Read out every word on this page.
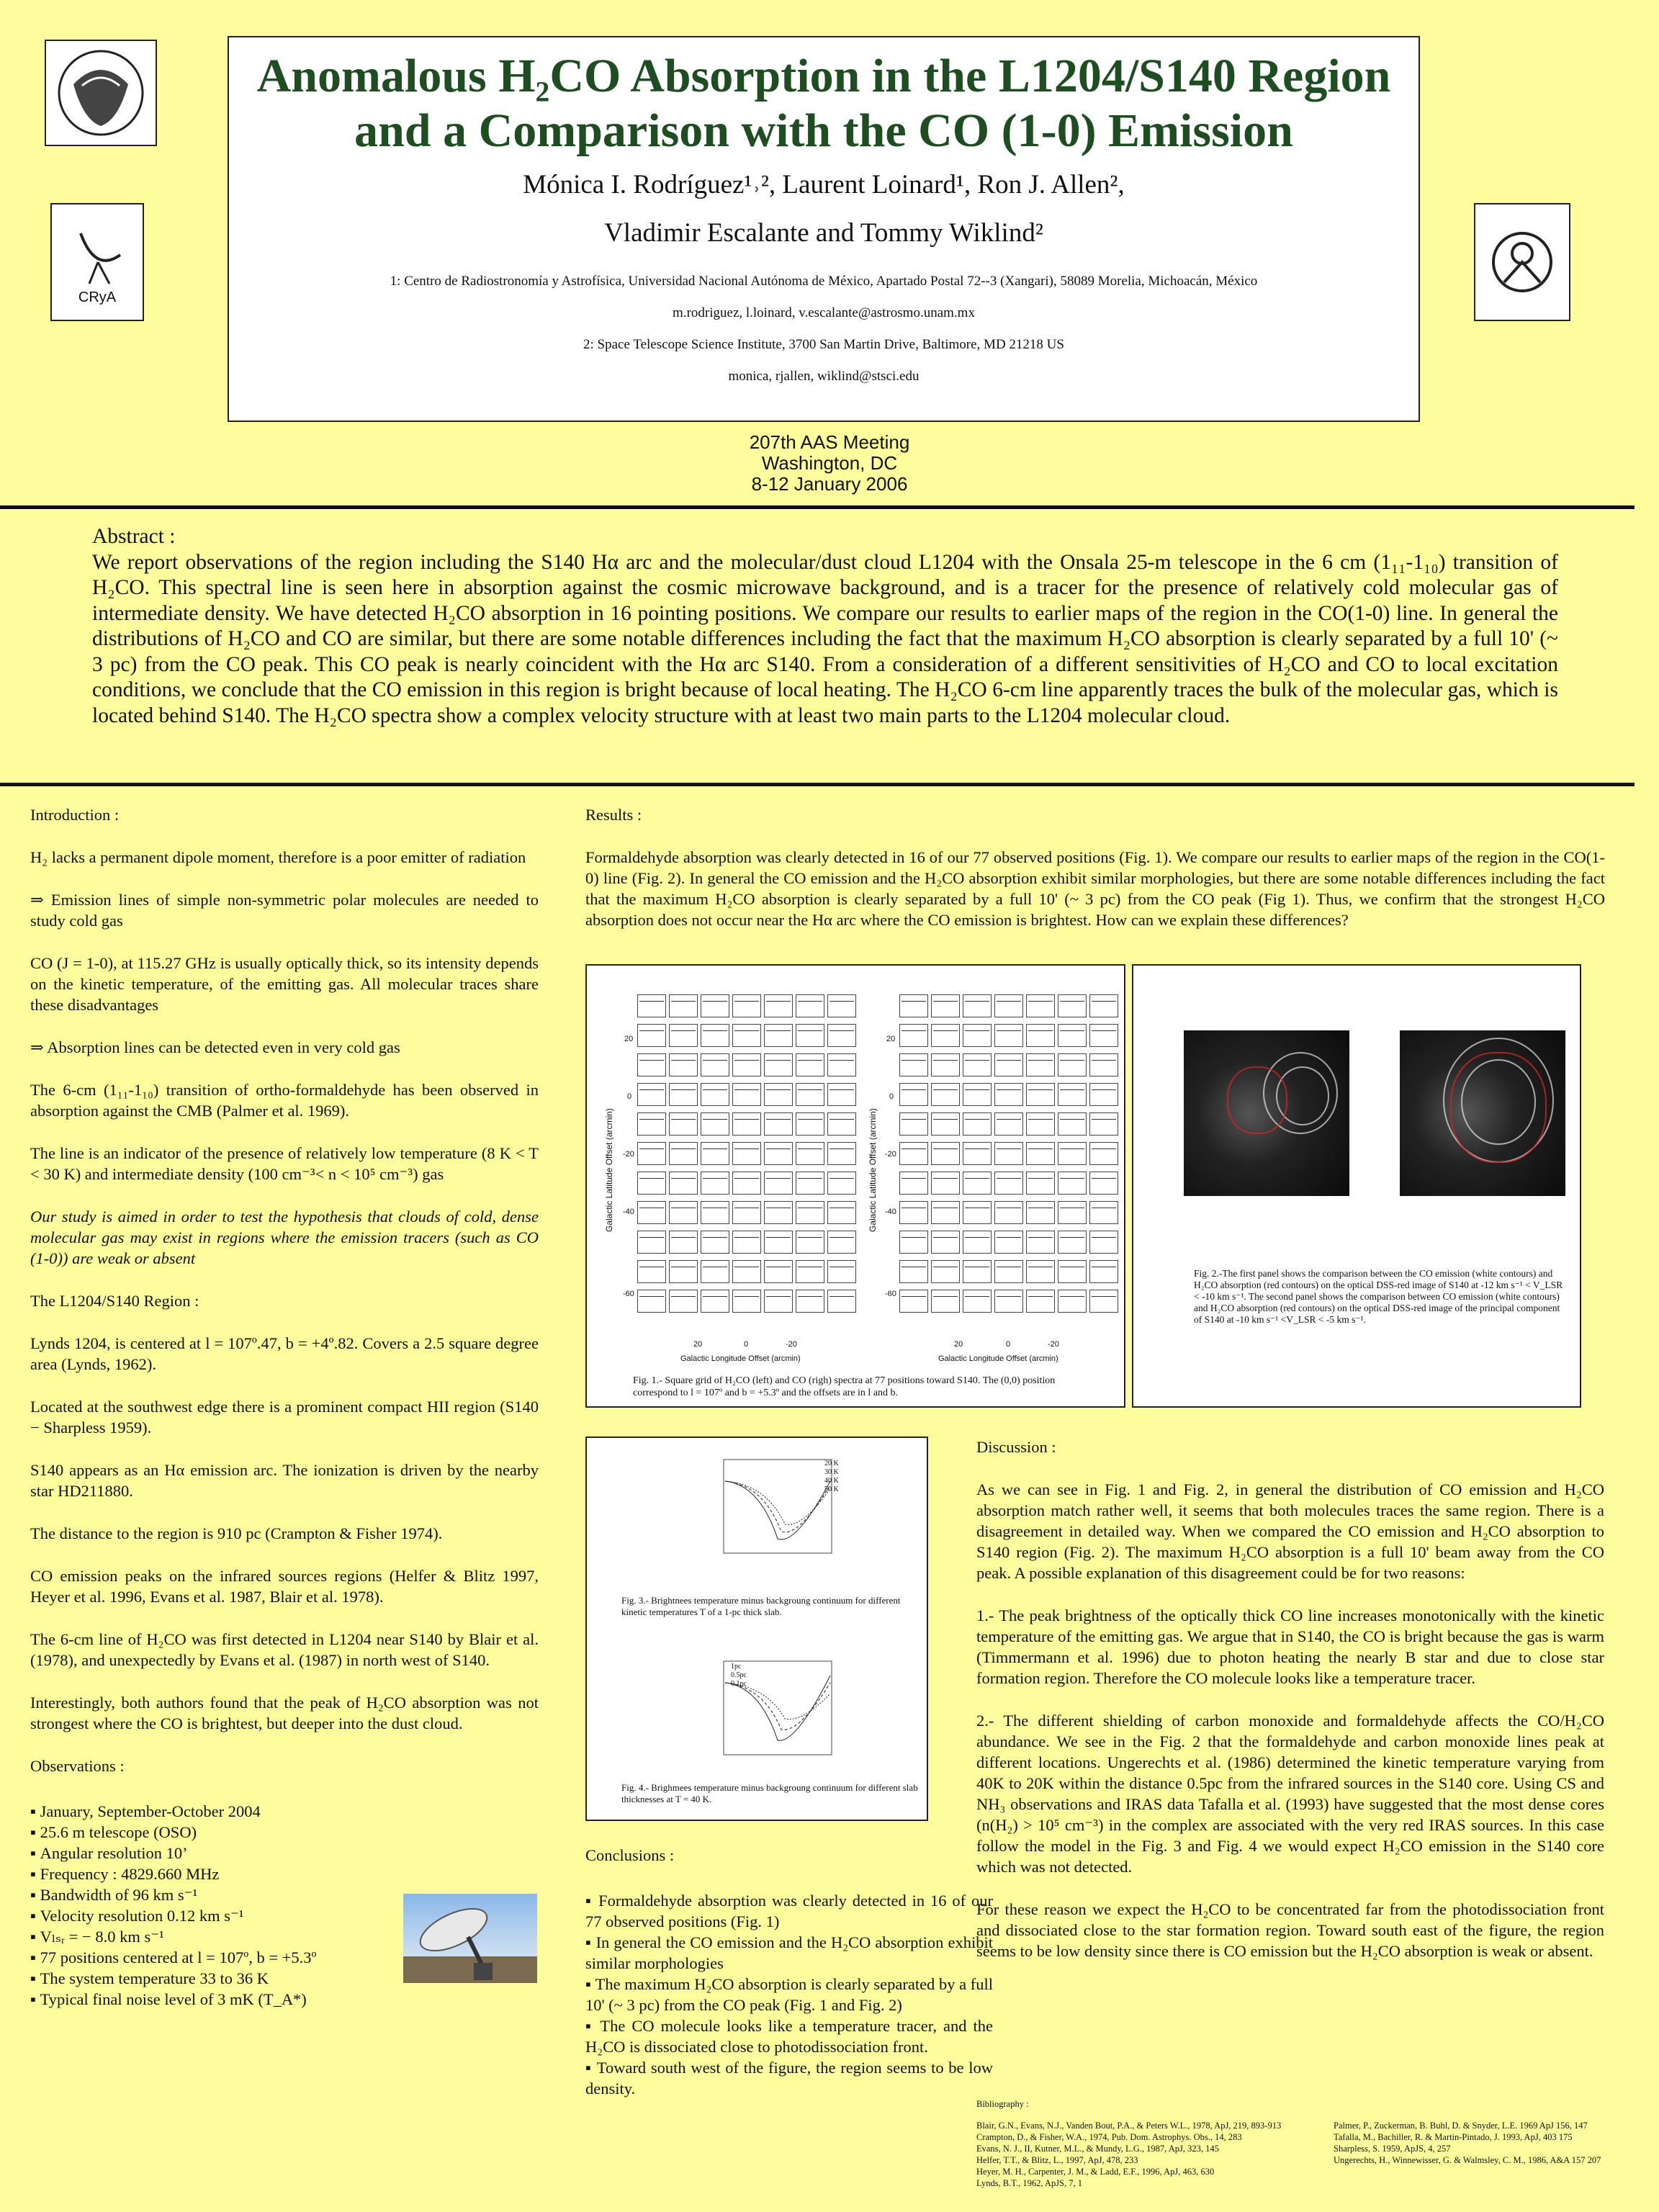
CRyA
Anomalous H₂CO Absorption in the L1204/S140 Region
and a Comparison with the CO (1-0) Emission
Mónica I. Rodríguez¹˒², Laurent Loinard¹, Ron J. Allen²,
Vladimir Escalante and Tommy Wiklind²
1: Centro de Radiostronomía y Astrofísica, Universidad Nacional Autónoma de México, Apartado Postal 72--3 (Xangari), 58089 Morelia, Michoacán, México
m.rodriguez, l.loinard, v.escalante@astrosmo.unam.mx
2: Space Telescope Science Institute, 3700 San Martin Drive, Baltimore, MD 21218 US
monica, rjallen, wiklind@stsci.edu
207th AAS Meeting
Washington, DC
8-12 January 2006
Abstract :
We report observations of the region including the S140 Hα arc and the molecular/dust cloud L1204 with the Onsala 25-m telescope in the 6 cm (1₁₁-1₁₀) transition of H₂CO. This spectral line is seen here in absorption against the cosmic microwave background, and is a tracer for the presence of relatively cold molecular gas of intermediate density. We have detected H₂CO absorption in 16 pointing positions. We compare our results to earlier maps of the region in the CO(1-0) line. In general the distributions of H₂CO and CO are similar, but there are some notable differences including the fact that the maximum H₂CO absorption is clearly separated by a full 10' (~ 3 pc) from the CO peak. This CO peak is nearly coincident with the Hα arc S140. From a consideration of a different sensitivities of H₂CO and CO to local excitation conditions, we conclude that the CO emission in this region is bright because of local heating. The H₂CO 6-cm line apparently traces the bulk of the molecular gas, which is located behind S140. The H₂CO spectra show a complex velocity structure with at least two main parts to the L1204 molecular cloud.

Introduction :

H₂ lacks a permanent dipole moment, therefore is a poor emitter of radiation

⇒ Emission lines of simple non-symmetric polar molecules are needed to study cold gas

CO (J = 1-0), at 115.27 GHz is usually optically thick, so its intensity depends on the kinetic temperature, of the emitting gas. All molecular traces share these disadvantages

⇒ Absorption lines can be detected even in very cold gas

The 6-cm (1₁₁-1₁₀) transition of ortho-formaldehyde has been observed in absorption against the CMB (Palmer et al. 1969).

The line is an indicator of the presence of relatively low temperature (8 K < T < 30 K) and intermediate density (100 cm⁻³< n < 10⁵ cm⁻³) gas

Our study is aimed in order to test the hypothesis that clouds of cold, dense molecular gas may exist in regions where the emission tracers (such as CO (1-0)) are weak or absent

The L1204/S140 Region :

Lynds 1204, is centered at l = 107º.47, b = +4º.82. Covers a 2.5 square degree area (Lynds, 1962).

Located at the southwest edge there is a prominent compact HII region (S140 − Sharpless 1959).

S140 appears as an Hα emission arc. The ionization is driven by the nearby star HD211880.

The distance to the region is 910 pc (Crampton & Fisher 1974).

CO emission peaks on the infrared sources regions (Helfer & Blitz 1997, Heyer et al. 1996, Evans et al. 1987, Blair et al. 1978).

The 6-cm line of H₂CO was first detected in L1204 near S140 by Blair et al. (1978), and unexpectedly by Evans et al. (1987) in north west of S140.

Interestingly, both authors found that the peak of H₂CO absorption was not strongest where the CO is brightest, but deeper into the dust cloud.

Observations :

▪ January, September-October 2004
▪ 25.6 m telescope (OSO)
▪ Angular resolution 10’
▪ Frequency : 4829.660 MHz
▪ Bandwidth of 96 km s⁻¹
▪ Velocity resolution 0.12 km s⁻¹
▪ Vₗₛᵣ = − 8.0 km s⁻¹
▪ 77 positions centered at l = 107º, b = +5.3º
▪ The system temperature 33 to 36 K
▪ Typical final noise level of 3 mK (T_A*)

Results :

Formaldehyde absorption was clearly detected in 16 of our 77 observed positions (Fig. 1). We compare our results to earlier maps of the region in the CO(1-0) line (Fig. 2). In general the CO emission and the H₂CO absorption exhibit similar morphologies, but there are some notable differences including the fact that the maximum H₂CO absorption is clearly separated by a full 10' (~ 3 pc) from the CO peak (Fig 1). Thus, we confirm that the strongest H₂CO absorption does not occur near the Hα arc where the CO emission is brightest. How can we explain these differences?

Galactic Latitude Offset (arcmin)	Galactic Latitude Offset (arcmin)
Galactic Longitude Offset (arcmin)	Galactic Longitude Offset (arcmin)
20
0
-20
-40
-60
20	0	-20
20
0
-20
-40
-60
20	0	-20
Fig. 1.- Square grid of H₂CO (left) and CO (righ) spectra at 77 positions toward S140. The (0,0) position correspond to l = 107º and b = +5.3º and the offsets are in l and b.
Fig. 2.-The first panel shows the comparison between the CO emission (white contours) and H₂CO absorption (red contours) on the optical DSS-red image of S140 at -12 km s⁻¹ < V_LSR < -10 km s⁻¹. The second panel shows the comparison between CO emission (white contours) and H₂CO absorption (red contours) on the optical DSS-red image of the principal component of S140 at -10 km s⁻¹ <V_LSR < -5 km s⁻¹.
20 K
30 K
40 K
50 K
Fig. 3.- Brightnees temperature minus backgroung continuum for different kinetic temperatures T of a 1-pc thick slab.
1pc
0.5pc
0.1pc
Fig. 4.- Brighmees temperature minus backgroung continuum for different slab thicknesses at T = 40 K.

Conclusions :

▪ Formaldehyde absorption was clearly detected in 16 of our 77 observed positions (Fig. 1)
▪ In general the CO emission and the H₂CO absorption exhibit similar morphologies
▪ The maximum H₂CO absorption is clearly separated by a full 10' (~ 3 pc) from the CO peak (Fig. 1 and Fig. 2)
▪ The CO molecule looks like a temperature tracer, and the H₂CO is dissociated close to photodissociation front.
▪ Toward south west of the figure, the region seems to be low density.

Discussion :

As we can see in Fig. 1 and Fig. 2, in general the distribution of CO emission and H₂CO absorption match rather well, it seems that both molecules traces the same region. There is a disagreement in detailed way. When we compared the CO emission and H₂CO absorption to S140 region (Fig. 2). The maximum H₂CO absorption is a full 10' beam away from the CO peak. A possible explanation of this disagreement could be for two reasons:

1.- The peak brightness of the optically thick CO line increases monotonically with the kinetic temperature of the emitting gas. We argue that in S140, the CO is bright because the gas is warm (Timmermann et al. 1996) due to photon heating the nearly B star and due to close star formation region. Therefore the CO molecule looks like a temperature tracer.

2.- The different shielding of carbon monoxide and formaldehyde affects the CO/H₂CO abundance. We see in the Fig. 2 that the formaldehyde and carbon monoxide lines peak at different locations. Ungerechts et al. (1986) determined the kinetic temperature varying from 40K to 20K within the distance 0.5pc from the infrared sources in the S140 core. Using CS and NH₃ observations and IRAS data Tafalla et al. (1993) have suggested that the most dense cores (n(H₂) > 10⁵ cm⁻³) in the complex are associated with the very red IRAS sources. In this case follow the model in the Fig. 3 and Fig. 4 we would expect H₂CO emission in the S140 core which was not detected.

For these reason we expect the H₂CO to be concentrated far from the photodissociation front and dissociated close to the star formation region. Toward south east of the figure, the region seems to be low density since there is CO emission but the H₂CO absorption is weak or absent.

Bibliography :
Blair, G.N., Evans, N.J., Vanden Bout, P.A., & Peters W.L., 1978, ApJ, 219, 893-913
Crampton, D., & Fisher, W.A., 1974, Pub. Dom. Astrophys. Obs., 14, 283
Evans, N. J., II, Kutner, M.L., & Mundy, L.G., 1987, ApJ, 323, 145
Helfer, T.T., & Blitz, L., 1997, ApJ, 478, 233
Heyer, M. H., Carpenter, J. M., & Ladd, E.F., 1996, ApJ, 463, 630
Lynds, B.T., 1962, ApJS, 7, 1
Palmer, P., Zuckerman, B. Buhl, D. & Snyder, L.E. 1969 ApJ 156, 147
Tafalla, M., Bachiller, R. & Martin-Pintado, J. 1993, ApJ, 403 175
Sharpless, S. 1959, ApJS, 4, 257
Ungerechts, H., Winnewisser, G. & Walmsley, C. M., 1986, A&A 157 207
